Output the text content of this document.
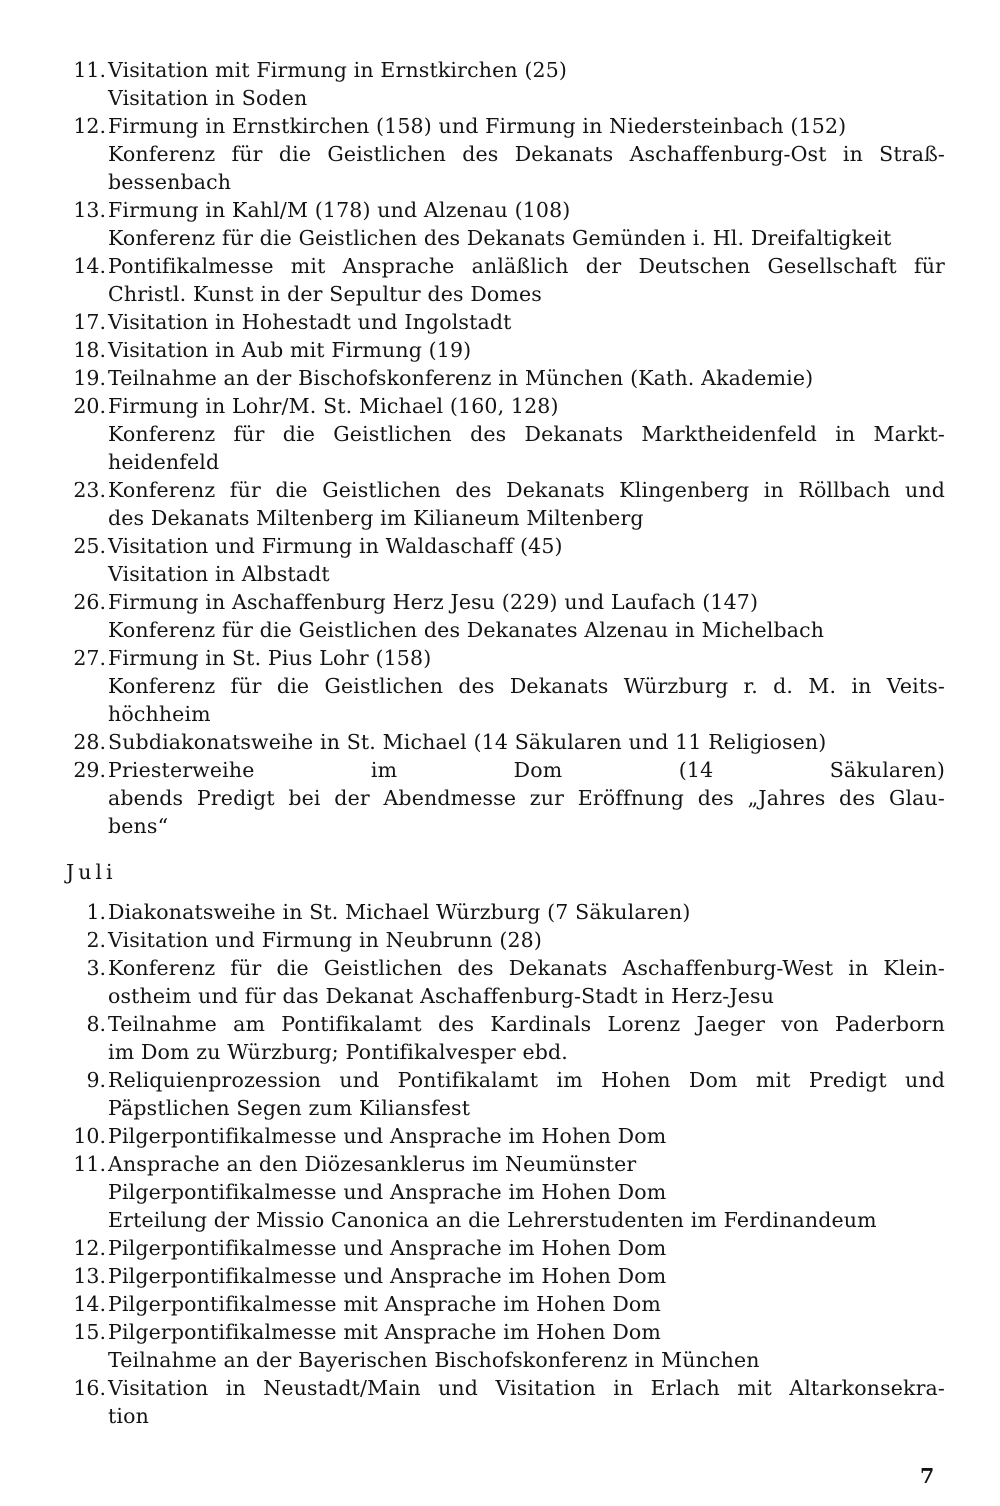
11. Visitation mit Firmung in Ernstkirchen (25)
Visitation in Soden
12. Firmung in Ernstkirchen (158) und Firmung in Niedersteinbach (152)
Konferenz für die Geistlichen des Dekanats Aschaffenburg-Ost in Straß-
bessenbach
13. Firmung in Kahl/M (178) und Alzenau (108)
Konferenz für die Geistlichen des Dekanats Gemünden i. Hl. Dreifaltigkeit
14. Pontifikalmesse mit Ansprache anläßlich der Deutschen Gesellschaft für
Christl. Kunst in der Sepultur des Domes
17. Visitation in Hohestadt und Ingolstadt
18. Visitation in Aub mit Firmung (19)
19. Teilnahme an der Bischofskonferenz in München (Kath. Akademie)
20. Firmung in Lohr/M. St. Michael (160, 128)
Konferenz für die Geistlichen des Dekanats Marktheidenfeld in Markt-
heidenfeld
23. Konferenz für die Geistlichen des Dekanats Klingenberg in Röllbach und
des Dekanats Miltenberg im Kilianeum Miltenberg
25. Visitation und Firmung in Waldaschaff (45)
Visitation in Albstadt
26. Firmung in Aschaffenburg Herz Jesu (229) und Laufach (147)
Konferenz für die Geistlichen des Dekanates Alzenau in Michelbach
27. Firmung in St. Pius Lohr (158)
Konferenz für die Geistlichen des Dekanats Würzburg r. d. M. in Veits-
höchheim
28. Subdiakonatsweihe in St. Michael (14 Säkularen und 11 Religiosen)
29. Priesterweihe im Dom (14 Säkularen)
abends Predigt bei der Abendmesse zur Eröffnung des „Jahres des Glau-
bens“
Juli
1. Diakonatsweihe in St. Michael Würzburg (7 Säkularen)
2. Visitation und Firmung in Neubrunn (28)
3. Konferenz für die Geistlichen des Dekanats Aschaffenburg-West in Klein-
ostheim und für das Dekanat Aschaffenburg-Stadt in Herz-Jesu
8. Teilnahme am Pontifikalamt des Kardinals Lorenz Jaeger von Paderborn
im Dom zu Würzburg; Pontifikalvesper ebd.
9. Reliquienprozession und Pontifikalamt im Hohen Dom mit Predigt und
Päpstlichen Segen zum Kiliansfest
10. Pilgerpontifikalmesse und Ansprache im Hohen Dom
11. Ansprache an den Diözesanklerus im Neumünster
Pilgerpontifikalmesse und Ansprache im Hohen Dom
Erteilung der Missio Canonica an die Lehrerstudenten im Ferdinandeum
12. Pilgerpontifikalmesse und Ansprache im Hohen Dom
13. Pilgerpontifikalmesse und Ansprache im Hohen Dom
14. Pilgerpontifikalmesse mit Ansprache im Hohen Dom
15. Pilgerpontifikalmesse mit Ansprache im Hohen Dom
Teilnahme an der Bayerischen Bischofskonferenz in München
16. Visitation in Neustadt/Main und Visitation in Erlach mit Altarkonsekra-
tion
7
